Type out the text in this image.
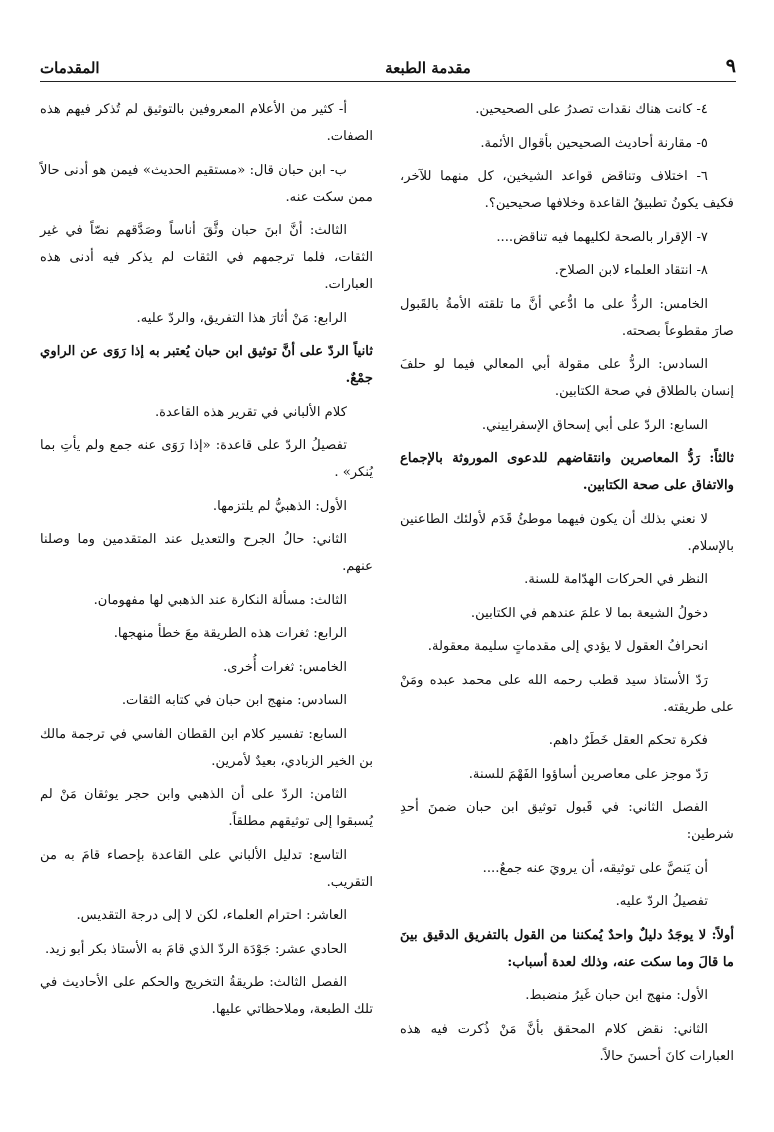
٩
مقدمة الطبعة
المقدمات

٤- كانت هناك نقدات تصدرُ على الصحيحين.

٥- مقارنة أحاديث الصحيحين بأقوال الأئمة.

٦- اختلاف وتناقض قواعد الشيخين، كل منهما للآخر، فكيف يكونُ تطبيقُ القاعدة وخلافها صحيحين؟.

٧- الإقرار بالصحة لكليهما فيه تناقض....

٨- انتقاد العلماء لابن الصلاح.

الخامس: الردُّ على ما ادُّعي أنَّ ما تلقته الأمةُ بالقَبول صارَ مقطوعاً بصحته.

السادس: الردُّ على مقولة أبي المعالي فيما لو حلفَ إنسان بالطلاق في صحة الكتابين.

السابع: الردّ على أبي إسحاق الإسفراييني.

ثالثاً: رَدُّ المعاصرين وانتقاضهم للدعوى الموروثة بالإجماع والاتفاق على صحة الكتابين.

لا نعني بذلك أن يكون فيهما موطئُ قَدَم لأولئك الطاعنين بالإسلام.

النظر في الحركات الهدّامة للسنة.

دخولُ الشيعة بما لا علمَ عندهم في الكتابين.

انحرافُ العقول لا يؤدي إلى مقدماتٍ سليمة معقولة.

رَدّ الأستاذ سيد قطب رحمه الله على محمد عبده ومَنْ على طريقته.

فكرة تحكم العقل خَطَرٌ داهم.

رَدّ موجز على معاصرين أساؤوا الفَهْمَ للسنة.

الفصل الثاني: في قَبول توثيق ابن حبان ضمنَ أحدِ شرطين:

أن يَنصَّ على توثيقه، أن يرويَ عنه جمعٌ....

تفصيلُ الردّ عليه.

أولاً: لا يوجَدُ دليلٌ واحدٌ يُمكننا من القول بالتفريق الدقيق بينَ ما قالَ وما سكت عنه، وذلك لعدة أسباب:

الأول: منهج ابن حبان غَيرُ منضبط.

الثاني: نقض كلام المحقق بأنَّ مَنْ ذُكرت فيه هذه العبارات كانَ أحسنَ حالاً.

أ- كثير من الأعلام المعروفين بالتوثيق لم تُذكر فيهم هذه الصفات.

ب- ابن حبان قال: «مستقيم الحديث» فيمن هو أدنى حالاً ممن سكت عنه.

الثالث: أنَّ ابنَ حبان وثَّقَ أناساً وصَدَّقهم نصّاً في غير الثقات، فلما ترجمهم في الثقات لم يذكر فيه أدنى هذه العبارات.

الرابع: مَنْ أثارَ هذا التفريق، والردّ عليه.

ثانياً الردّ على أنَّ توثيق ابن حبان يُعتبر به إذا رَوَى عن الراوي جمْعٌ.

كلام الألباني في تقرير هذه القاعدة.

تفصيلُ الردّ على قاعدة: «إذا رَوَى عنه جمع ولم يأتِ بما يُنكر» .

الأول: الذهبيُّ لم يلتزمها.

الثاني: حالُ الجرح والتعديل عند المتقدمين وما وصلنا عنهم.

الثالث: مسألة النكارة عند الذهبي لها مفهومان.

الرابع: ثغرات هذه الطريقة معَ خطأ منهجها.

الخامس: ثغرات أُخرى.

السادس: منهج ابن حبان في كتابه الثقات.

السابع: تفسير كلام ابن القطان الفاسي في ترجمة مالك بن الخير الزبادي، بعيدٌ لأمرين.

الثامن: الردّ على أن الذهبي وابن حجر يوثقان مَنْ لم يُسبقوا إلى توثيقهم مطلقاً.

التاسع: تدليل الألباني على القاعدة بإحصاء قامَ به من التقريب.

العاشر: احترام العلماء، لكن لا إلى درجة التقديس.

الحادي عشر: جَوْدَة الردّ الذي قامَ به الأستاذ بكر أبو زيد.

الفصل الثالث: طريقةُ التخريج والحكم على الأحاديث في تلك الطبعة، وملاحظاتي عليها.
